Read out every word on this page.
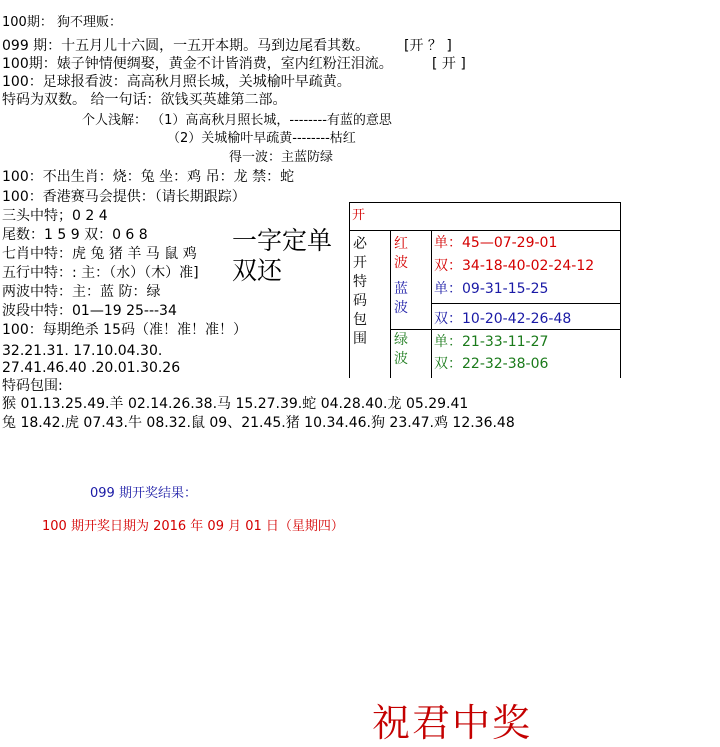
100期： 狗不理贩：
099 期：十五月儿十六圆，一五开本期。马到边尾看其数。 [开 ？ ]
100期：婊子钟情便绸娶，黄金不计皆消费，室内红粉汪泪流。	[ 开 ]
100：足球报看波：高高秋月照长城，关城榆叶早疏黄。
特码为双数。 给一句话：欲钱买英雄第二部。
个人浅解： （1）高高秋月照长城，--------有蓝的意思
（2）关城榆叶早疏黄--------枯红
得一波：主蓝防绿
100：不出生肖：烧：兔 坐：鸡 吊：龙 禁：蛇
100：香港赛马会提供：（请长期跟踪）
三头中特；0 2 4
尾数：1 5 9 双：0 6 8
七肖中特：虎 兔 猪 羊 马 鼠 鸡
五行中特：: 主：（水）（木）准]
两波中特：主：蓝 防：绿
波段中特：01—19 25---34
100：每期绝杀 15码（准！准！准！）
32.21.31. 17.10.04.30.
27.41.46.40 .20.01.30.26
特码包围:
猴 01.13.25.49.羊 02.14.26.38.马 15.27.39.蛇 04.28.40.龙 05.29.41
兔 18.42.虎 07.43.牛 08.32.鼠 09、21.45.猪 10.34.46.狗 23.47.鸡 12.36.48
一字定单双还
开
必开特码包围
红波
蓝波
绿波
单：45—07-29-01
双：34-18-40-02-24-12
单：09-31-15-25
双：10-20-42-26-48
单：21-33-11-27
双：22-32-38-06
099 期开奖结果：
100 期开奖日期为 2016 年 09 月 01 日（星期四）
祝君中奖
